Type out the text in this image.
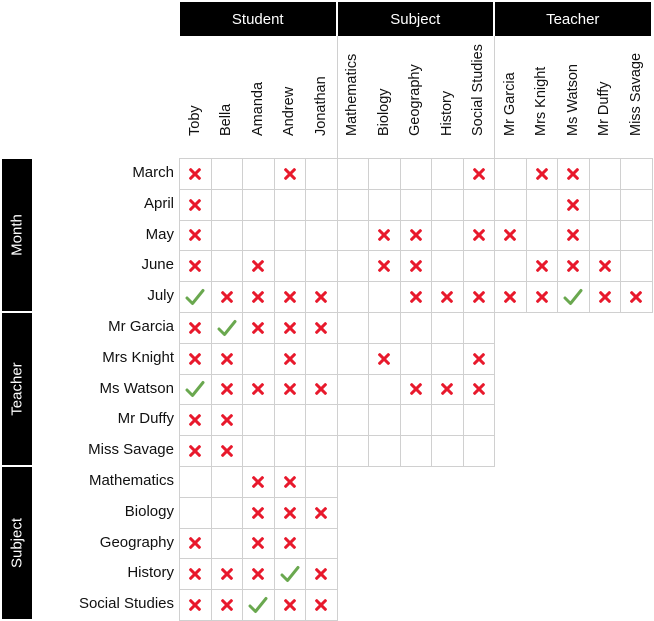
Student
Toby Bella Amanda Andrew Jonathan
Subject
Mathematics Biology Geography History Social Studies
Teacher
Mr Garcia Mrs Knight Ms Watson Mr Duffy Miss Savage
Month
March
April
May
June
July
Teacher
Mr Garcia
Mrs Knight
Ms Watson
Mr Duffy
Miss Savage
Subject
Mathematics
Biology
Geography
History
Social Studies
